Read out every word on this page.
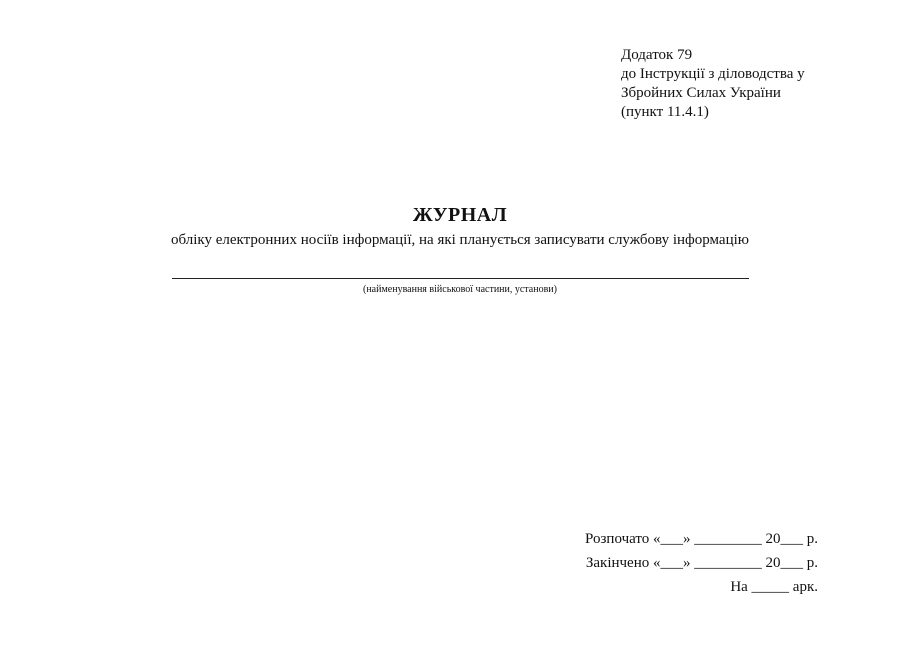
Додаток 79
до Інструкції з діловодства у
Збройних Силах України
(пункт 11.4.1)
ЖУРНАЛ
обліку електронних носіїв інформації, на які планується записувати службову інформацію
(найменування військової частини, установи)
Розпочато «___» _________ 20___ р.
Закінчено «___» _________ 20___ р.
На _____ арк.
